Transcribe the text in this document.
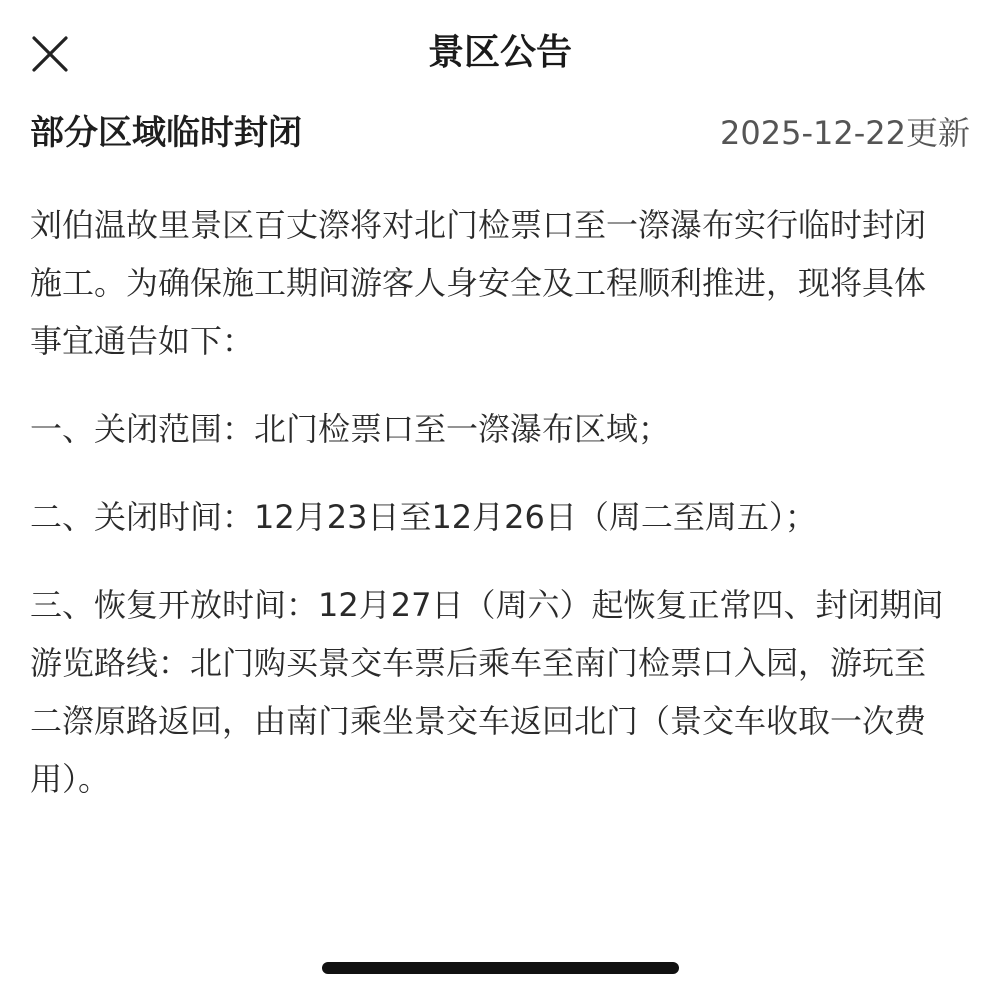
景区公告
部分区域临时封闭	2025-12-22更新

刘伯温故里景区百丈漈将对北门检票口至一漈瀑布实行临时封闭施工。为确保施工期间游客人身安全及工程顺利推进，现将具体事宜通告如下：

一、关闭范围：北门检票口至一漈瀑布区域；

二、关闭时间：12月23日至12月26日（周二至周五）；

三、恢复开放时间：12月27日（周六）起恢复正常四、封闭期间游览路线：北门购买景交车票后乘车至南门检票口入园，游玩至二漈原路返回，由南门乘坐景交车返回北门（景交车收取一次费用）。
